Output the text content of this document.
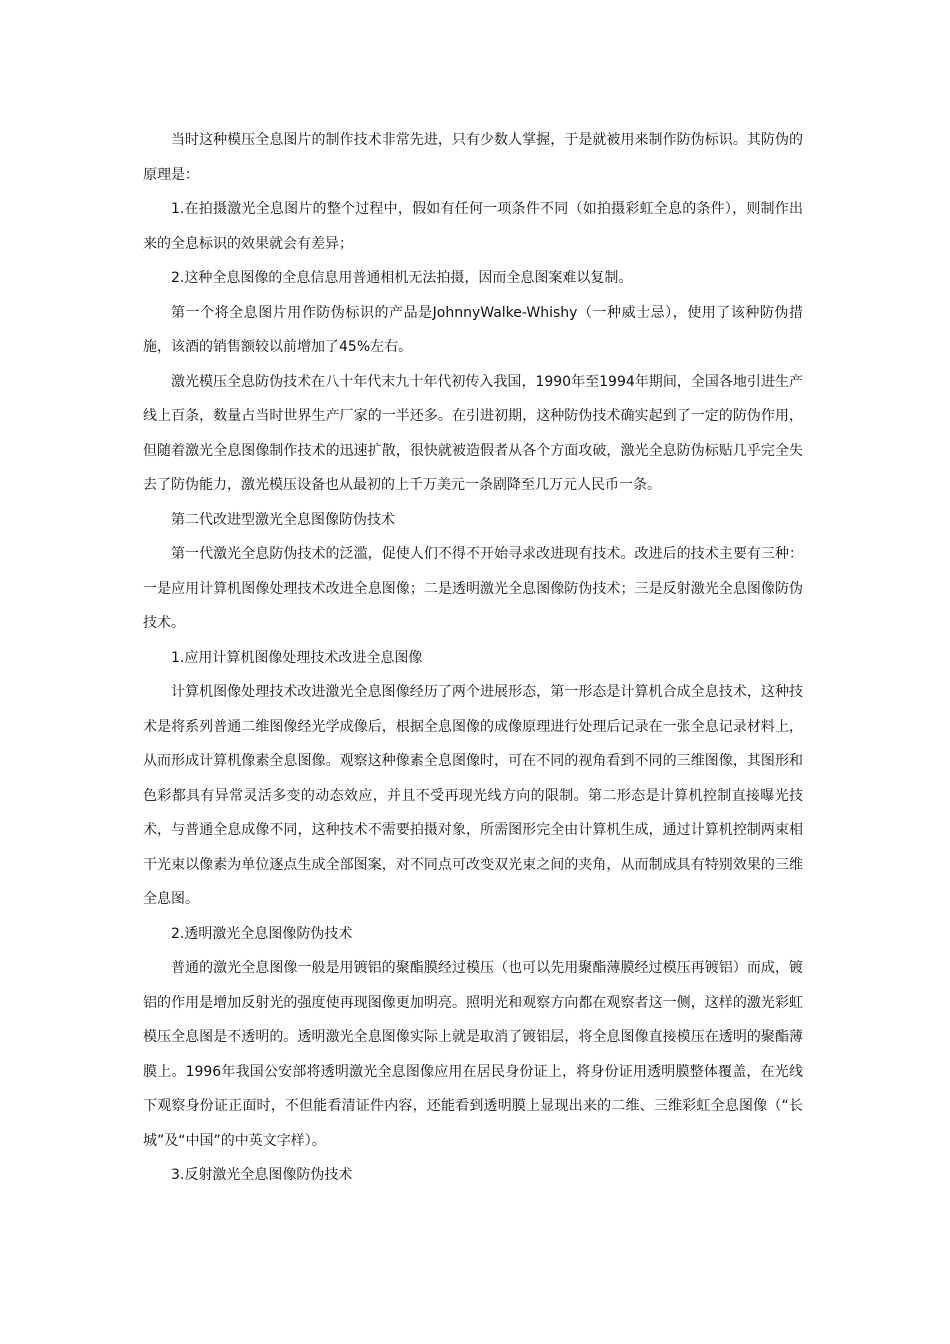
当时这种模压全息图片的制作技术非常先进，只有少数人掌握，于是就被用来制作防伪标识。其防伪的原理是：

1.在拍摄激光全息图片的整个过程中，假如有任何一项条件不同（如拍摄彩虹全息的条件），则制作出来的全息标识的效果就会有差异；

2.这种全息图像的全息信息用普通相机无法拍摄，因而全息图案难以复制。

第一个将全息图片用作防伪标识的产品是JohnnyWalke-Whishy（一种威士忌），使用了该种防伪措施，该酒的销售额较以前增加了45%左右。

激光模压全息防伪技术在八十年代末九十年代初传入我国，1990年至1994年期间，全国各地引进生产线上百条，数量占当时世界生产厂家的一半还多。在引进初期，这种防伪技术确实起到了一定的防伪作用，但随着激光全息图像制作技术的迅速扩散，很快就被造假者从各个方面攻破，激光全息防伪标贴几乎完全失去了防伪能力，激光模压设备也从最初的上千万美元一条剧降至几万元人民币一条。

第二代改进型激光全息图像防伪技术

第一代激光全息防伪技术的泛滥，促使人们不得不开始寻求改进现有技术。改进后的技术主要有三种：一是应用计算机图像处理技术改进全息图像；二是透明激光全息图像防伪技术；三是反射激光全息图像防伪技术。

1.应用计算机图像处理技术改进全息图像

计算机图像处理技术改进激光全息图像经历了两个进展形态，第一形态是计算机合成全息技术，这种技术是将系列普通二维图像经光学成像后，根据全息图像的成像原理进行处理后记录在一张全息记录材料上，从而形成计算机像素全息图像。观察这种像素全息图像时，可在不同的视角看到不同的三维图像，其图形和色彩都具有异常灵活多变的动态效应，并且不受再现光线方向的限制。第二形态是计算机控制直接曝光技术，与普通全息成像不同，这种技术不需要拍摄对象，所需图形完全由计算机生成，通过计算机控制两束相干光束以像素为单位逐点生成全部图案，对不同点可改变双光束之间的夹角，从而制成具有特别效果的三维全息图。

2.透明激光全息图像防伪技术

普通的激光全息图像一般是用镀铝的聚酯膜经过模压（也可以先用聚酯薄膜经过模压再镀铝）而成，镀铝的作用是增加反射光的强度使再现图像更加明亮。照明光和观察方向都在观察者这一侧，这样的激光彩虹模压全息图是不透明的。透明激光全息图像实际上就是取消了镀铝层，将全息图像直接模压在透明的聚酯薄膜上。1996年我国公安部将透明激光全息图像应用在居民身份证上，将身份证用透明膜整体覆盖，在光线下观察身份证正面时，不但能看清证件内容，还能看到透明膜上显现出来的二维、三维彩虹全息图像（“长城”及“中国”的中英文字样）。

3.反射激光全息图像防伪技术
